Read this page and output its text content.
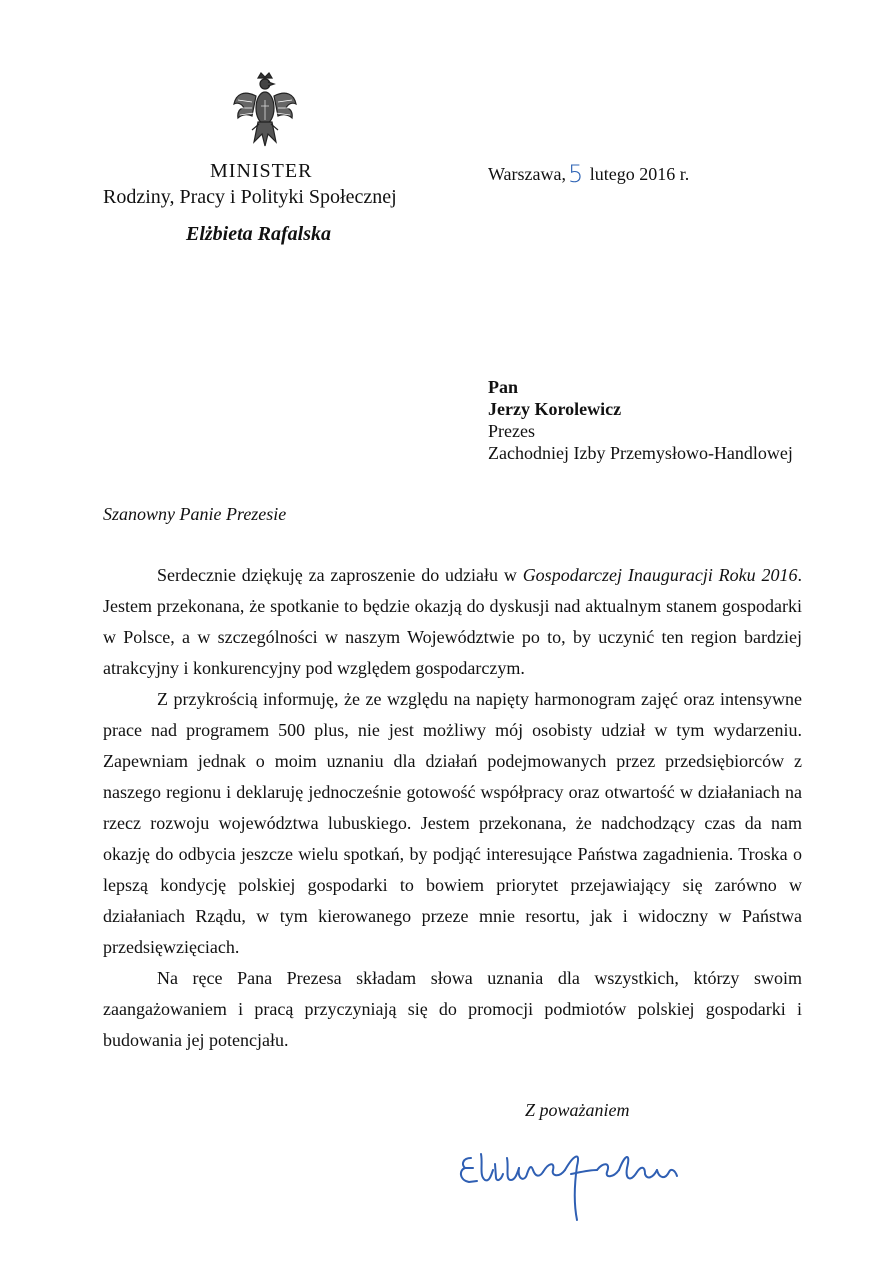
MINISTER
Rodziny, Pracy i Polityki Społecznej
Elżbieta Rafalska
Warszawa,5 lutego 2016 r.
Pan
Jerzy Korolewicz
Prezes
Zachodniej Izby Przemysłowo-Handlowej
Szanowny Panie Prezesie

Serdecznie dziękuję za zaproszenie do udziału w Gospodarczej Inauguracji Roku 2016. Jestem przekonana, że spotkanie to będzie okazją do dyskusji nad aktualnym stanem gospodarki w Polsce, a w szczególności w naszym Województwie po to, by uczynić ten region bardziej atrakcyjny i konkurencyjny pod względem gospodarczym.

Z przykrością informuję, że ze względu na napięty harmonogram zajęć oraz intensywne prace nad programem 500 plus, nie jest możliwy mój osobisty udział w tym wydarzeniu. Zapewniam jednak o moim uznaniu dla działań podejmowanych przez przedsiębiorców z naszego regionu i deklaruję jednocześnie gotowość współpracy oraz otwartość w działaniach na rzecz rozwoju województwa lubuskiego. Jestem przekonana, że nadchodzący czas da nam okazję do odbycia jeszcze wielu spotkań, by podjąć interesujące Państwa zagadnienia. Troska o lepszą kondycję polskiej gospodarki to bowiem priorytet przejawiający się zarówno w działaniach Rządu, w tym kierowanego przeze mnie resortu, jak i widoczny w Państwa przedsięwzięciach.

Na ręce Pana Prezesa składam słowa uznania dla wszystkich, którzy swoim zaangażowaniem i pracą przyczyniają się do promocji podmiotów polskiej gospodarki i budowania jej potencjału.

Z poważaniem
